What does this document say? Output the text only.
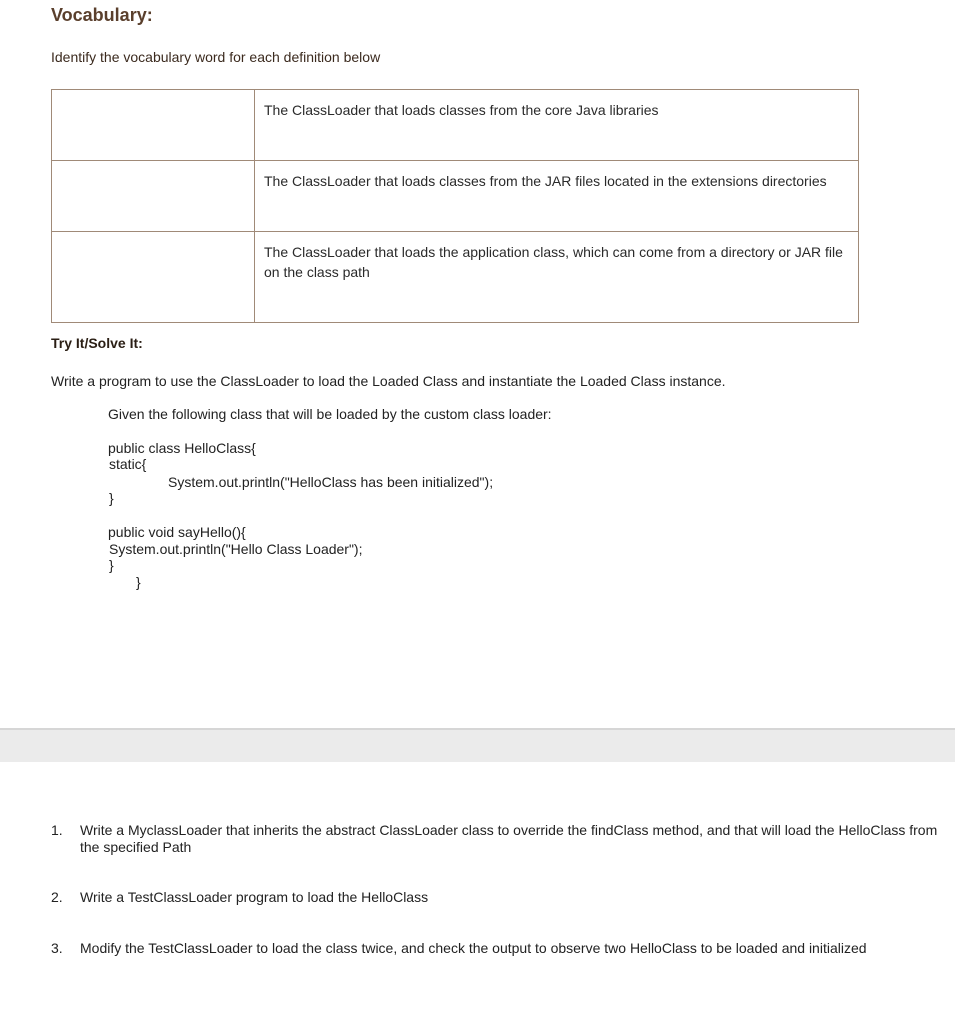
Vocabulary:
Identify the vocabulary word for each definition below
	The ClassLoader that loads classes from the core Java libraries
	The ClassLoader that loads classes from the JAR files located in the extensions directories
	The ClassLoader that loads the application class, which can come from a directory or JAR file on the class path
Try It/Solve It:
Write a program to use the ClassLoader to load the Loaded Class and instantiate the Loaded Class instance.
Given the following class that will be loaded by the custom class loader:
public class HelloClass{
static{
System.out.println("HelloClass has been initialized");
}
public void sayHello(){
System.out.println("Hello Class Loader");
}
}
1.	Write a MyclassLoader that inherits the abstract ClassLoader class to override the findClass method, and that will load the HelloClass from the specified Path
2.	Write a TestClassLoader program to load the HelloClass
3.	Modify the TestClassLoader to load the class twice, and check the output to observe two HelloClass to be loaded and initialized
